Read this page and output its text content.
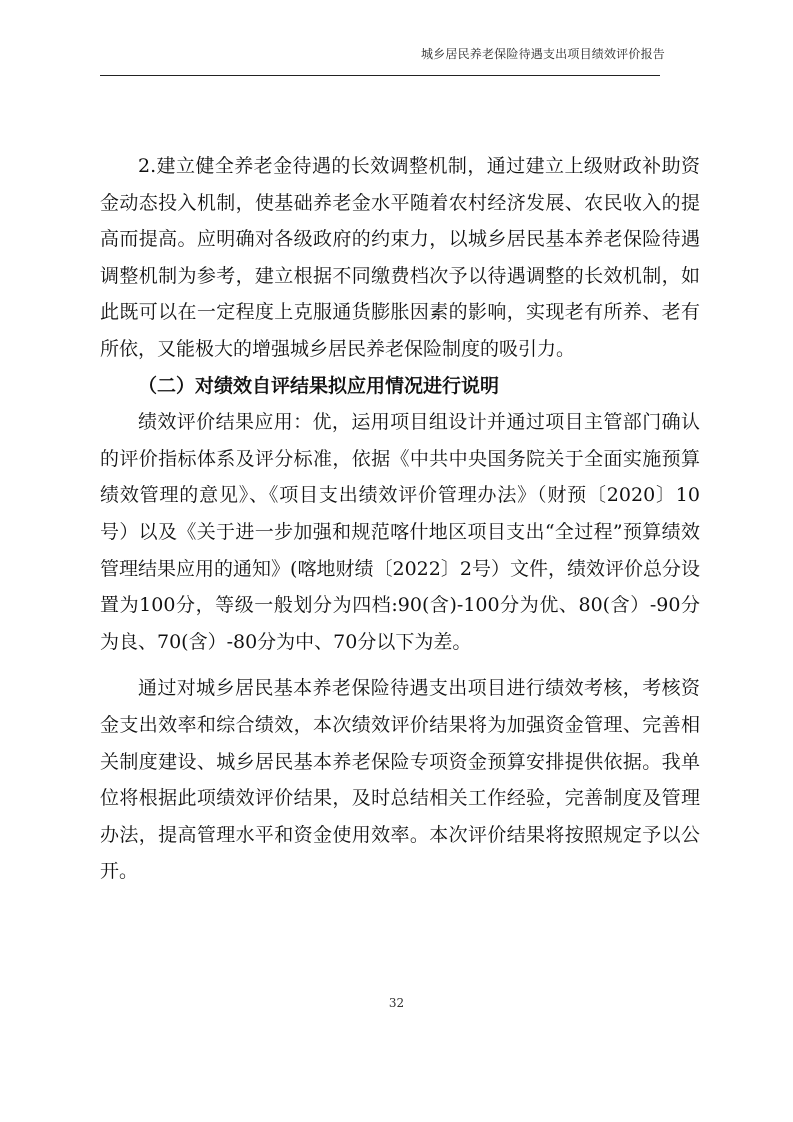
城乡居民养老保险待遇支出项目绩效评价报告

2.建立健全养老金待遇的长效调整机制，通过建立上级财政补助资金动态投入机制，使基础养老金水平随着农村经济发展、农民收入的提高而提高。应明确对各级政府的约束力，以城乡居民基本养老保险待遇调整机制为参考，建立根据不同缴费档次予以待遇调整的长效机制，如此既可以在一定程度上克服通货膨胀因素的影响，实现老有所养、老有所依，又能极大的增强城乡居民养老保险制度的吸引力。

（二）对绩效自评结果拟应用情况进行说明

绩效评价结果应用：优，运用项目组设计并通过项目主管部门确认的评价指标体系及评分标准，依据《中共中央国务院关于全面实施预算绩效管理的意见》、《项目支出绩效评价管理办法》（财预〔2020〕10号）以及《关于进一步加强和规范喀什地区项目支出“全过程”预算绩效管理结果应用的通知》(喀地财绩〔2022〕2号）文件，绩效评价总分设置为100分，等级一般划分为四档:90(含)-100分为优、80(含）-90分为良、70(含）-80分为中、70分以下为差。

通过对城乡居民基本养老保险待遇支出项目进行绩效考核，考核资金支出效率和综合绩效，本次绩效评价结果将为加强资金管理、完善相关制度建设、城乡居民基本养老保险专项资金预算安排提供依据。我单位将根据此项绩效评价结果，及时总结相关工作经验，完善制度及管理办法，提高管理水平和资金使用效率。本次评价结果将按照规定予以公开。

32
